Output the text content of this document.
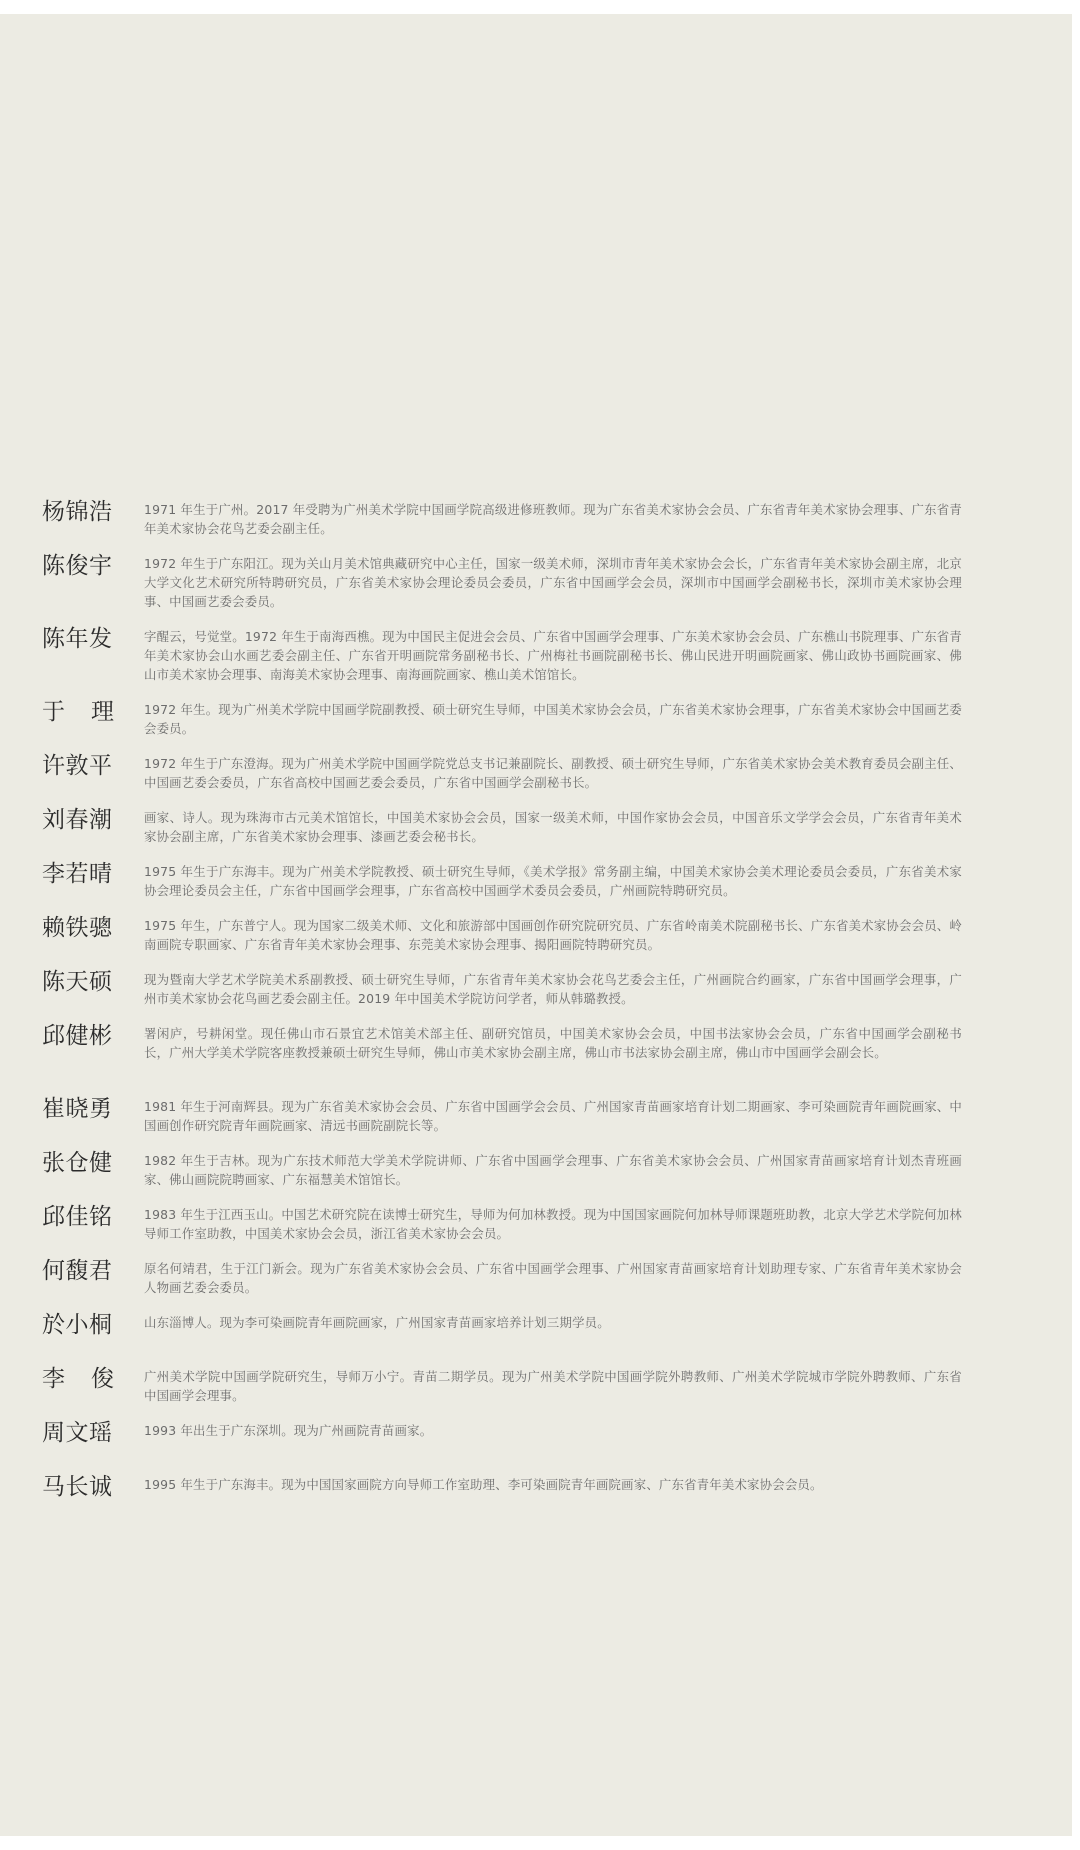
杨锦浩	1971 年生于广州。2017 年受聘为广州美术学院中国画学院高级进修班教师。现为广东省美术家协会会员、广东省青年美术家协会理事、广东省青年美术家协会花鸟艺委会副主任。
陈俊宇	1972 年生于广东阳江。现为关山月美术馆典藏研究中心主任，国家一级美术师，深圳市青年美术家协会会长，广东省青年美术家协会副主席，北京大学文化艺术研究所特聘研究员，广东省美术家协会理论委员会委员，广东省中国画学会会员，深圳市中国画学会副秘书长，深圳市美术家协会理事、中国画艺委会委员。
陈年发	字醒云，号觉堂。1972 年生于南海西樵。现为中国民主促进会会员、广东省中国画学会理事、广东美术家协会会员、广东樵山书院理事、广东省青年美术家协会山水画艺委会副主任、广东省开明画院常务副秘书长、广州梅社书画院副秘书长、佛山民进开明画院画家、佛山政协书画院画家、佛山市美术家协会理事、南海美术家协会理事、南海画院画家、樵山美术馆馆长。
于理 1972 年生。现为广州美术学院中国画学院副教授、硕士研究生导师，中国美术家协会会员，广东省美术家协会理事，广东省美术家协会中国画艺委会委员。
许敦平	1972 年生于广东澄海。现为广州美术学院中国画学院党总支书记兼副院长、副教授、硕士研究生导师，广东省美术家协会美术教育委员会副主任、中国画艺委会委员，广东省高校中国画艺委会委员，广东省中国画学会副秘书长。
刘春潮	画家、诗人。现为珠海市古元美术馆馆长，中国美术家协会会员，国家一级美术师，中国作家协会会员，中国音乐文学学会会员，广东省青年美术家协会副主席，广东省美术家协会理事、漆画艺委会秘书长。
李若晴	1975 年生于广东海丰。现为广州美术学院教授、硕士研究生导师，《美术学报》常务副主编，中国美术家协会美术理论委员会委员，广东省美术家协会理论委员会主任，广东省中国画学会理事，广东省高校中国画学术委员会委员，广州画院特聘研究员。
赖铁骢	1975 年生，广东普宁人。现为国家二级美术师、文化和旅游部中国画创作研究院研究员、广东省岭南美术院副秘书长、广东省美术家协会会员、岭南画院专职画家、广东省青年美术家协会理事、东莞美术家协会理事、揭阳画院特聘研究员。
陈天硕	现为暨南大学艺术学院美术系副教授、硕士研究生导师，广东省青年美术家协会花鸟艺委会主任，广州画院合约画家，广东省中国画学会理事，广州市美术家协会花鸟画艺委会副主任。2019 年中国美术学院访问学者，师从韩璐教授。
邱健彬	署闲庐，号耕闲堂。现任佛山市石景宜艺术馆美术部主任、副研究馆员，中国美术家协会会员，中国书法家协会会员，广东省中国画学会副秘书长，广州大学美术学院客座教授兼硕士研究生导师，佛山市美术家协会副主席，佛山市书法家协会副主席，佛山市中国画学会副会长。
崔晓勇	1981 年生于河南辉县。现为广东省美术家协会会员、广东省中国画学会会员、广州国家青苗画家培育计划二期画家、李可染画院青年画院画家、中国画创作研究院青年画院画家、清远书画院副院长等。
张仓健	1982 年生于吉林。现为广东技术师范大学美术学院讲师、广东省中国画学会理事、广东省美术家协会会员、广州国家青苗画家培育计划杰青班画家、佛山画院院聘画家、广东福慧美术馆馆长。
邱佳铭	1983 年生于江西玉山。中国艺术研究院在读博士研究生，导师为何加林教授。现为中国国家画院何加林导师课题班助教，北京大学艺术学院何加林导师工作室助教，中国美术家协会会员，浙江省美术家协会会员。
何馥君	原名何靖君，生于江门新会。现为广东省美术家协会会员、广东省中国画学会理事、广州国家青苗画家培育计划助理专家、广东省青年美术家协会人物画艺委会委员。
於小桐	山东淄博人。现为李可染画院青年画院画家，广州国家青苗画家培养计划三期学员。
李俊 广州美术学院中国画学院研究生，导师万小宁。青苗二期学员。现为广州美术学院中国画学院外聘教师、广州美术学院城市学院外聘教师、广东省中国画学会理事。
周文瑶	1993 年出生于广东深圳。现为广州画院青苗画家。
马长诚	1995 年生于广东海丰。现为中国国家画院方向导师工作室助理、李可染画院青年画院画家、广东省青年美术家协会会员。
